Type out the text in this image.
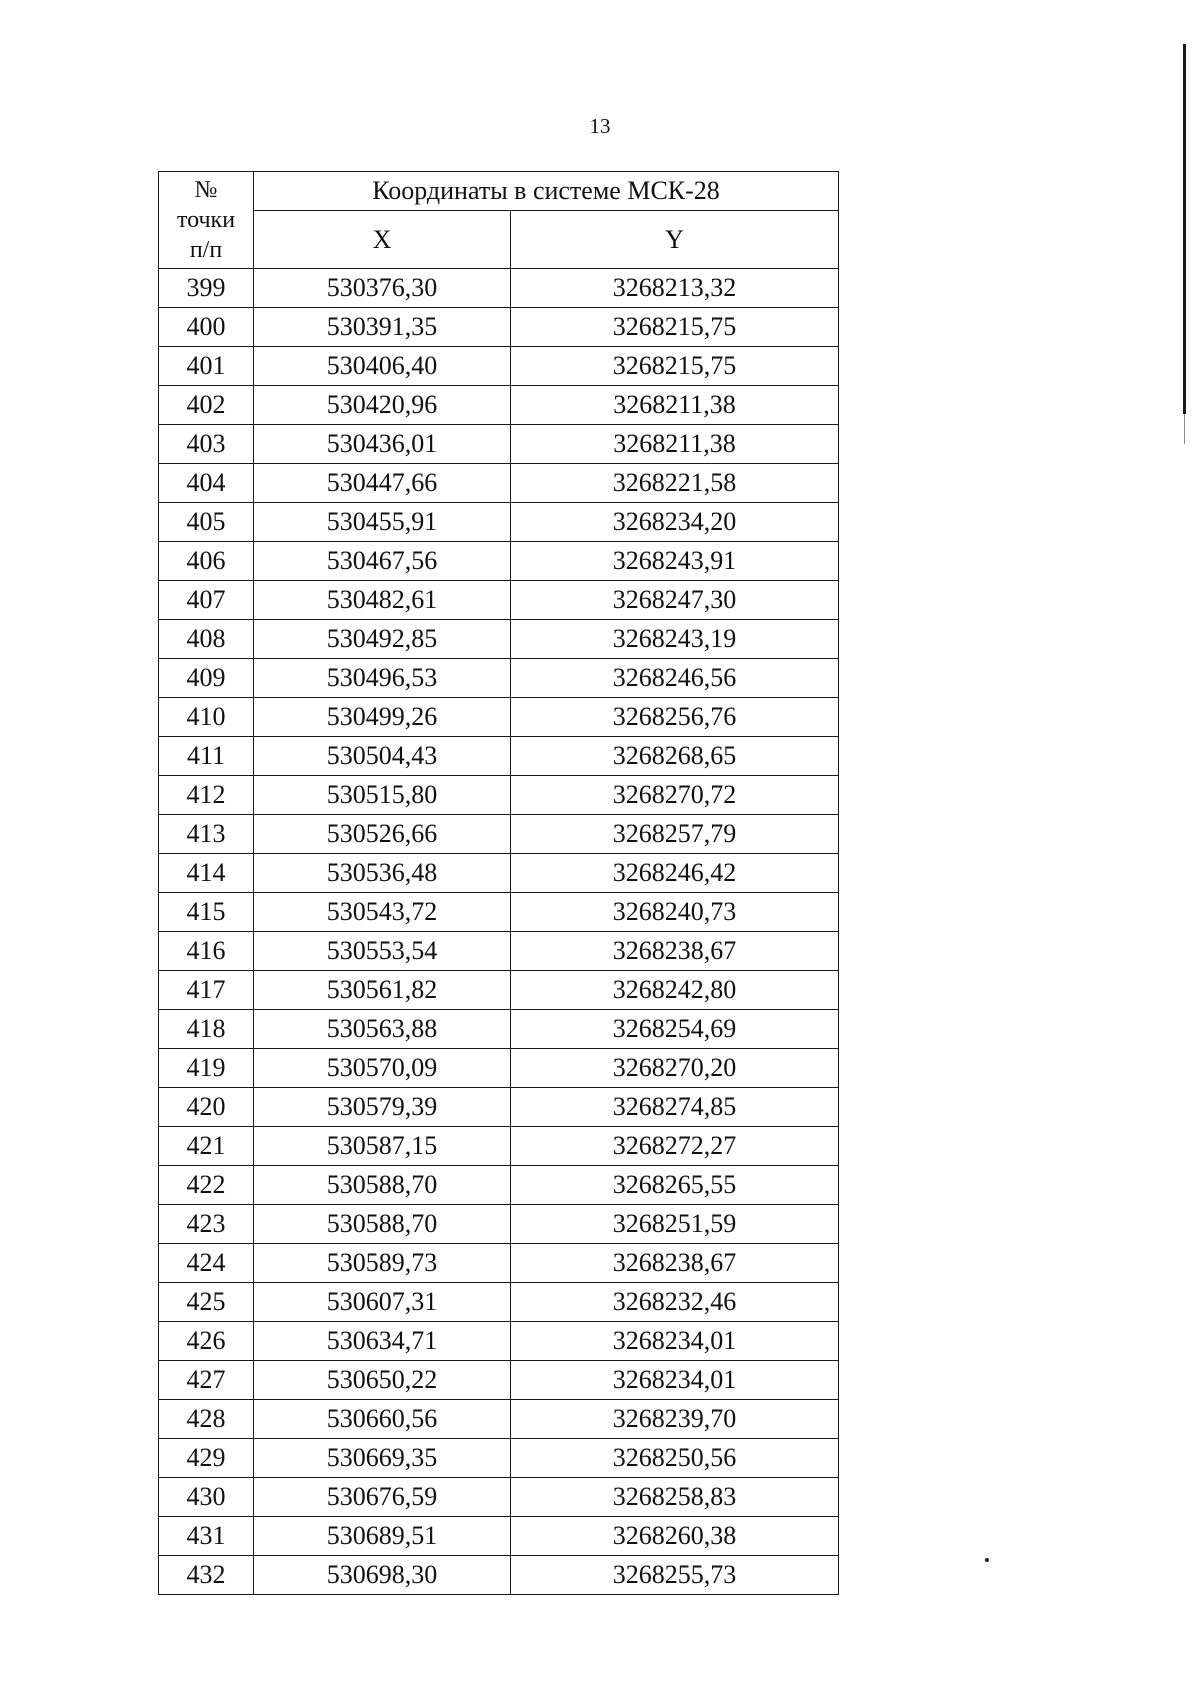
13
№
точки
п/п	Координаты в системе МСК-28	
	X	Y
399	530376,30	3268213,32
400	530391,35	3268215,75
401	530406,40	3268215,75
402	530420,96	3268211,38
403	530436,01	3268211,38
404	530447,66	3268221,58
405	530455,91	3268234,20
406	530467,56	3268243,91
407	530482,61	3268247,30
408	530492,85	3268243,19
409	530496,53	3268246,56
410	530499,26	3268256,76
411	530504,43	3268268,65
412	530515,80	3268270,72
413	530526,66	3268257,79
414	530536,48	3268246,42
415	530543,72	3268240,73
416	530553,54	3268238,67
417	530561,82	3268242,80
418	530563,88	3268254,69
419	530570,09	3268270,20
420	530579,39	3268274,85
421	530587,15	3268272,27
422	530588,70	3268265,55
423	530588,70	3268251,59
424	530589,73	3268238,67
425	530607,31	3268232,46
426	530634,71	3268234,01
427	530650,22	3268234,01
428	530660,56	3268239,70
429	530669,35	3268250,56
430	530676,59	3268258,83
431	530689,51	3268260,38
432	530698,30	3268255,73
